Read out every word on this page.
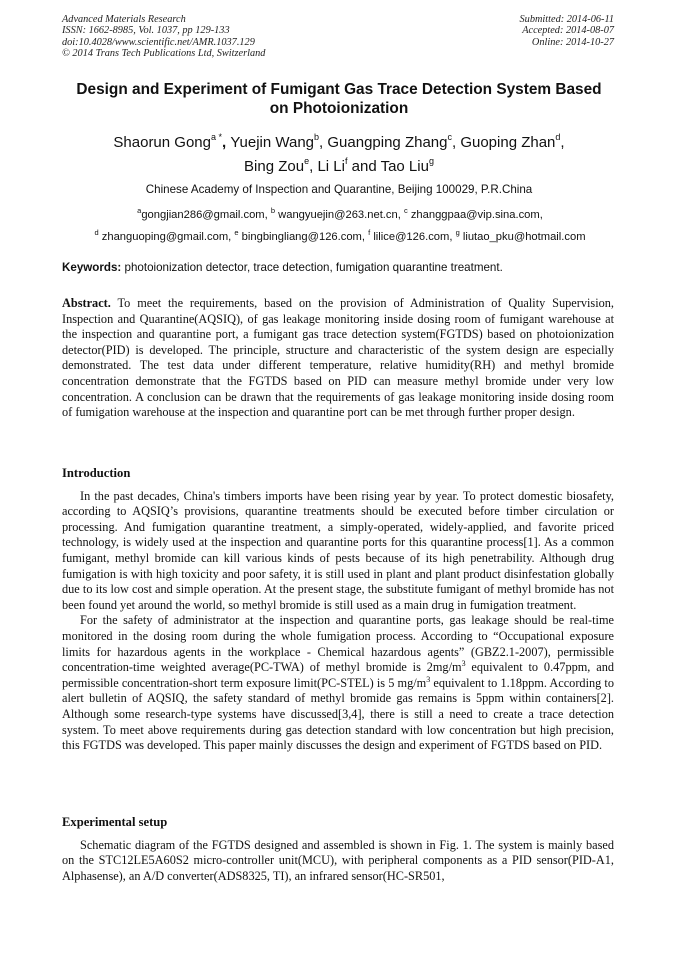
Advanced Materials Research
ISSN: 1662-8985, Vol. 1037, pp 129-133
doi:10.4028/www.scientific.net/AMR.1037.129
© 2014 Trans Tech Publications Ltd, Switzerland
Submitted: 2014-06-11
Accepted: 2014-08-07
Online: 2014-10-27
Design and Experiment of Fumigant Gas Trace Detection System Based
on Photoionization
Shaorun Gong$^{a *}$, Yuejin Wang$^b$, Guangping Zhang$^c$, Guoping Zhan$^d$,
Bing Zou$^e$, Li Li$^f$ and Tao Liu$^g$
Chinese Academy of Inspection and Quarantine, Beijing 100029, P.R.China
$^a$gongjian286@gmail.com, $^b$ wangyuejin@263.net.cn, $^c$ zhanggpaa@vip.sina.com,
$^d$ zhanguoping@gmail.com, $^e$ bingbingliang@126.com, $^f$ lilice@126.com, $^g$ liutao_pku@hotmail.com
Keywords: photoionization detector, trace detection, fumigation quarantine treatment.

Abstract. To meet the requirements, based on the provision of Administration of Quality Supervision, Inspection and Quarantine(AQSIQ), of gas leakage monitoring inside dosing room of fumigant warehouse at the inspection and quarantine port, a fumigant gas trace detection system(FGTDS) based on photoionization detector(PID) is developed. The principle, structure and characteristic of the system design are especially demonstrated. The test data under different temperature, relative humidity(RH) and methyl bromide concentration demonstrate that the FGTDS based on PID can measure methyl bromide under very low concentration. A conclusion can be drawn that the requirements of gas leakage monitoring inside dosing room of fumigation warehouse at the inspection and quarantine port can be met through further proper design.

Introduction

In the past decades, China's timbers imports have been rising year by year. To protect domestic biosafety, according to AQSIQ’s provisions, quarantine treatments should be executed before timber circulation or processing. And fumigation quarantine treatment, a simply-operated, widely-applied, and favorite priced technology, is widely used at the inspection and quarantine ports for this quarantine process[1]. As a common fumigant, methyl bromide can kill various kinds of pests because of its high penetrability. Although drug fumigation is with high toxicity and poor safety, it is still used in plant and plant product disinfestation globally due to its low cost and simple operation. At the present stage, the substitute fumigant of methyl bromide has not been found yet around the world, so methyl bromide is still used as a main drug in fumigation treatment.

For the safety of administrator at the inspection and quarantine ports, gas leakage should be real-time monitored in the dosing room during the whole fumigation process. According to “Occupational exposure limits for hazardous agents in the workplace - Chemical hazardous agents” (GBZ2.1-2007), permissible concentration-time weighted average(PC-TWA) of methyl bromide is $2mg/m^3$ equivalent to 0.47ppm, and permissible concentration-short term exposure limit(PC-STEL) is 5 $mg/m^3$ equivalent to 1.18ppm. According to alert bulletin of AQSIQ, the safety standard of methyl bromide gas remains is 5ppm within containers[2]. Although some research-type systems have discussed[3,4], there is still a need to create a trace detection system. To meet above requirements during gas detection standard with low concentration but high precision, this FGTDS was developed. This paper mainly discusses the design and experiment of FGTDS based on PID.

Experimental setup

Schematic diagram of the FGTDS designed and assembled is shown in Fig. 1. The system is mainly based on the STC12LE5A60S2 micro-controller unit(MCU), with peripheral components as a PID sensor(PID-A1, Alphasense), an A/D converter(ADS8325, TI), an infrared sensor(HC-SR501,
